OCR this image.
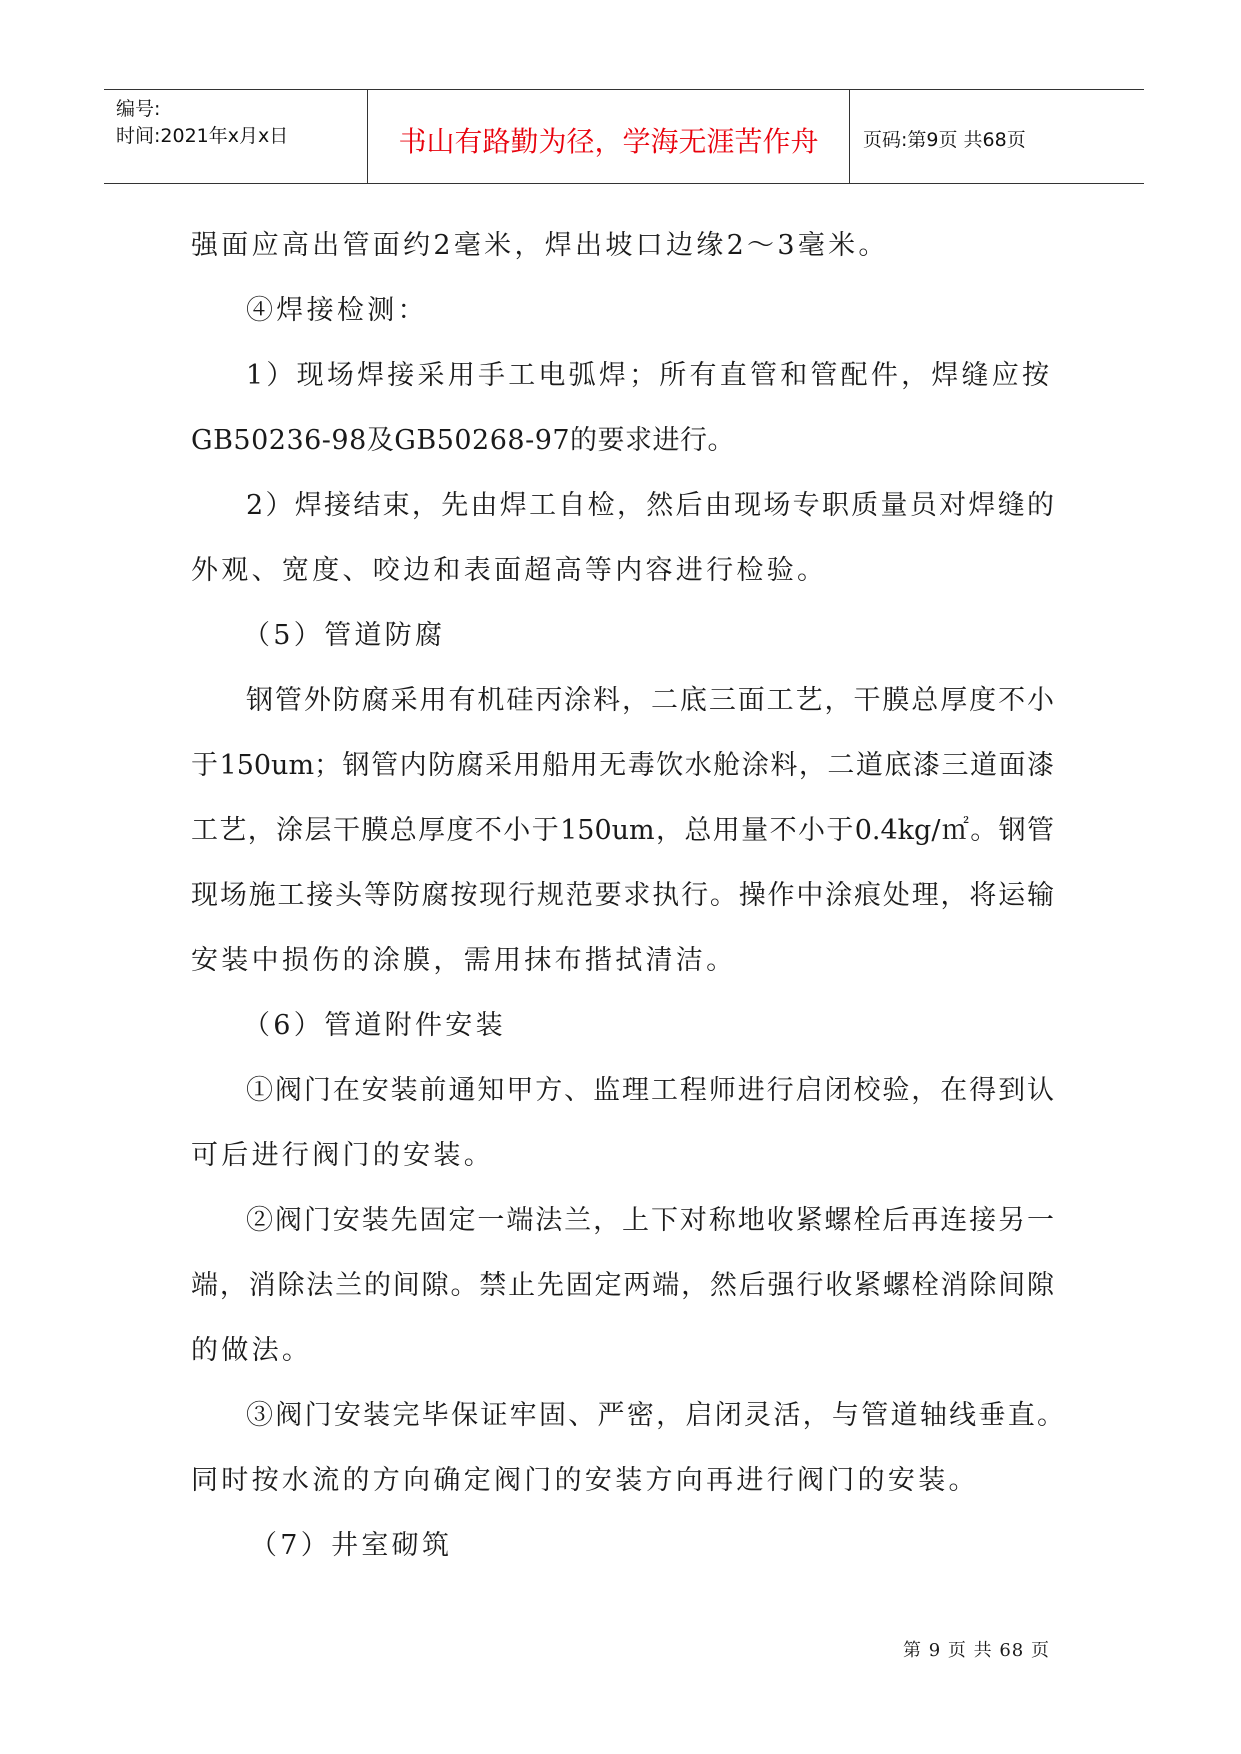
编号:
时间:2021年x月x日	书山有路勤为径，学海无涯苦作舟	页码:第9页 共68页
强面应高出管面约2毫米，焊出坡口边缘2～3毫米。
④焊接检测：
1）现场焊接采用手工电弧焊；所有直管和管配件，焊缝应按
GB50236-98及GB50268-97的要求进行。
2）焊接结束，先由焊工自检，然后由现场专职质量员对焊缝的
外观、宽度、咬边和表面超高等内容进行检验。
（5）管道防腐
钢管外防腐采用有机硅丙涂料，二底三面工艺，干膜总厚度不小
于150um；钢管内防腐采用船用无毒饮水舱涂料，二道底漆三道面漆
工艺，涂层干膜总厚度不小于150um，总用量不小于0.4kg/㎡。钢管
现场施工接头等防腐按现行规范要求执行。操作中涂痕处理，将运输
安装中损伤的涂膜，需用抹布揩拭清洁。
（6）管道附件安装
①阀门在安装前通知甲方、监理工程师进行启闭校验，在得到认
可后进行阀门的安装。
②阀门安装先固定一端法兰，上下对称地收紧螺栓后再连接另一
端，消除法兰的间隙。禁止先固定两端，然后强行收紧螺栓消除间隙
的做法。
③阀门安装完毕保证牢固、严密，启闭灵活，与管道轴线垂直。
同时按水流的方向确定阀门的安装方向再进行阀门的安装。
（7）井室砌筑
第 9 页 共 68 页
